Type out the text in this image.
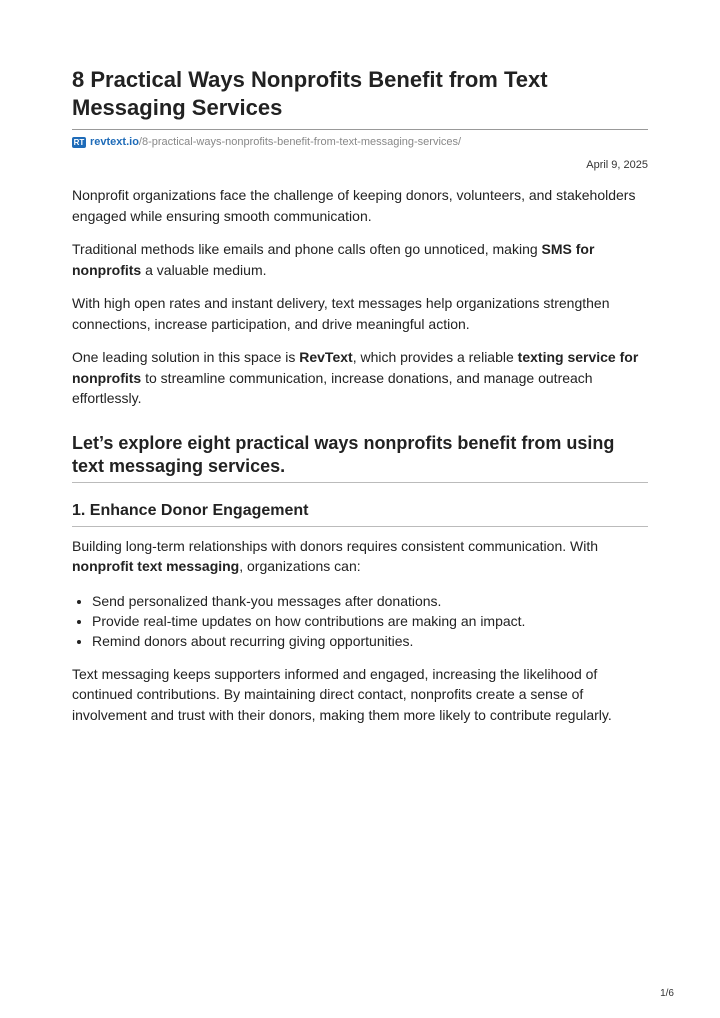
8 Practical Ways Nonprofits Benefit from Text Messaging Services
RT revtext.io/8-practical-ways-nonprofits-benefit-from-text-messaging-services/
April 9, 2025

Nonprofit organizations face the challenge of keeping donors, volunteers, and stakeholders engaged while ensuring smooth communication.

Traditional methods like emails and phone calls often go unnoticed, making SMS for nonprofits a valuable medium.

With high open rates and instant delivery, text messages help organizations strengthen connections, increase participation, and drive meaningful action.

One leading solution in this space is RevText, which provides a reliable texting service for nonprofits to streamline communication, increase donations, and manage outreach effortlessly.

Let’s explore eight practical ways nonprofits benefit from using text messaging services.
1. Enhance Donor Engagement

Building long-term relationships with donors requires consistent communication. With nonprofit text messaging, organizations can:

• Send personalized thank-you messages after donations.
• Provide real-time updates on how contributions are making an impact.
• Remind donors about recurring giving opportunities.

Text messaging keeps supporters informed and engaged, increasing the likelihood of continued contributions. By maintaining direct contact, nonprofits create a sense of involvement and trust with their donors, making them more likely to contribute regularly.

1/6
